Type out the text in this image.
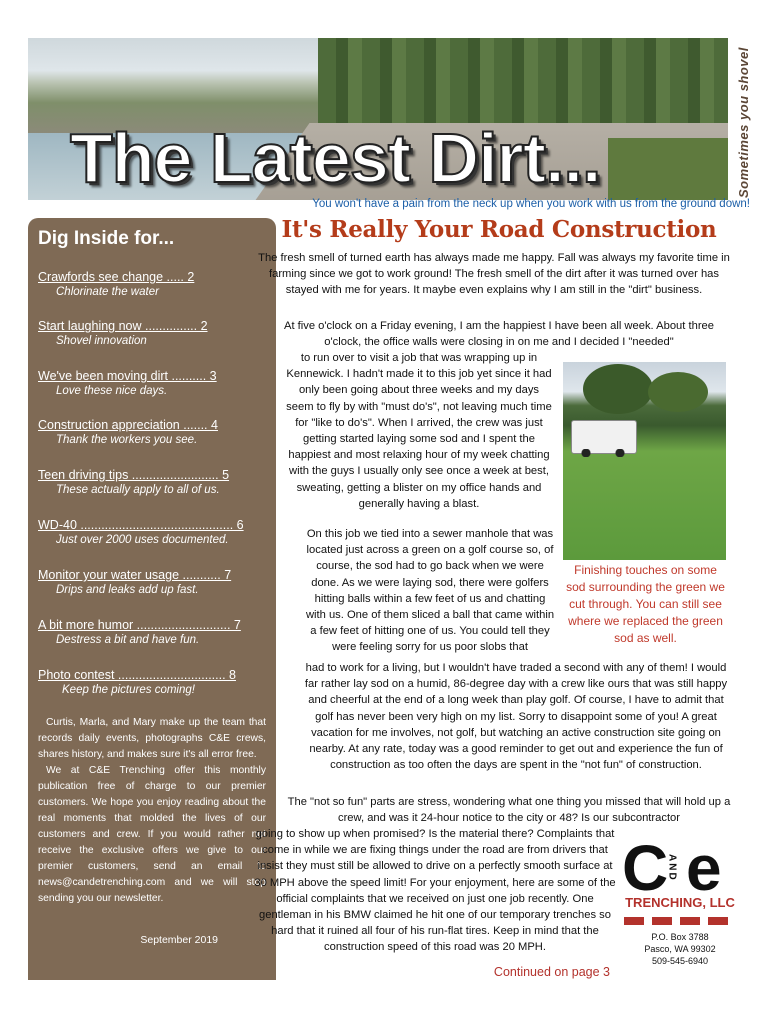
The Latest Dirt...	Sometimes you shovel
You won't have a pain from the neck up when you work with us from the ground down!
Dig Inside for...
Crawfords see change ..... 2
Chlorinate the water
Start laughing now ............... 2
Shovel innovation
We've been moving dirt .......... 3
Love these nice days.
Construction appreciation ....... 4
Thank the workers you see.
Teen driving tips ......................... 5
These actually apply to all of us.
WD-40 ............................................ 6
Just over 2000 uses documented.
Monitor your water usage ........... 7
Drips and leaks add up fast.
A bit more humor ........................... 7
Destress a bit and have fun.
Photo contest ............................... 8
Keep the pictures coming!

Curtis, Marla, and Mary make up the team that records daily events, photographs C&E crews, shares history, and makes sure it's all error free.

We at C&E Trenching offer this monthly publication free of charge to our premier customers. We hope you enjoy reading about the real moments that molded the lives of our customers and crew. If you would rather not receive the exclusive offers we give to our premier customers, send an email to news@candetrenching.com and we will stop sending you our newsletter.

September 2019
It's Really Your Road Construction

The fresh smell of turned earth has always made me happy. Fall was always my favorite time in farming since we got to work ground! The fresh smell of the dirt after it was turned over has stayed with me for years. It maybe even explains why I am still in the "dirt" business.

At five o'clock on a Friday evening, I am the happiest I have been all week. About three o'clock, the office walls were closing in on me and I decided I "needed"

to run over to visit a job that was wrapping up in Kennewick. I hadn't made it to this job yet since it had only been going about three weeks and my days seem to fly by with "must do's", not leaving much time for "like to do's". When I arrived, the crew was just getting started laying some sod and I spent the happiest and most relaxing hour of my week chatting with the guys I usually only see once a week at best, sweating, getting a blister on my office hands and generally having a blast.

On this job we tied into a sewer manhole that was located just across a green on a golf course so, of course, the sod had to go back when we were done. As we were laying sod, there were golfers hitting balls within a few feet of us and chatting with us. One of them sliced a ball that came within a few feet of hitting one of us. You could tell they were feeling sorry for us poor slobs that

had to work for a living, but I wouldn't have traded a second with any of them! I would far rather lay sod on a humid, 86-degree day with a crew like ours that was still happy and cheerful at the end of a long week than play golf. Of course, I have to admit that golf has never been very high on my list. Sorry to disappoint some of you! A great vacation for me involves, not golf, but watching an active construction site going on nearby. At any rate, today was a good reminder to get out and experience the fun of construction as too often the days are spent in the "not fun" of construction.

The "not so fun" parts are stress, wondering what one thing you missed that will hold up a crew, and was it 24-hour notice to the city or 48? Is our subcontractor

going to show up when promised? Is the material there? Complaints that come in while we are fixing things under the road are from drivers that insist they must still be allowed to drive on a perfectly smooth surface at 30 MPH above the speed limit! For your enjoyment, here are some of the official complaints that we received on just one job recently. One gentleman in his BMW claimed he hit one of our temporary trenches so hard that it ruined all four of his run-flat tires. Keep in mind that the construction speed of this road was 20 MPH.

Finishing touches on some sod surrounding the green we cut through. You can still see where we replaced the green sod as well.
C
AND e
TRENCHING, LLC
P.O. Box 3788
Pasco, WA 99302
509-545-6940
Continued on page 3
